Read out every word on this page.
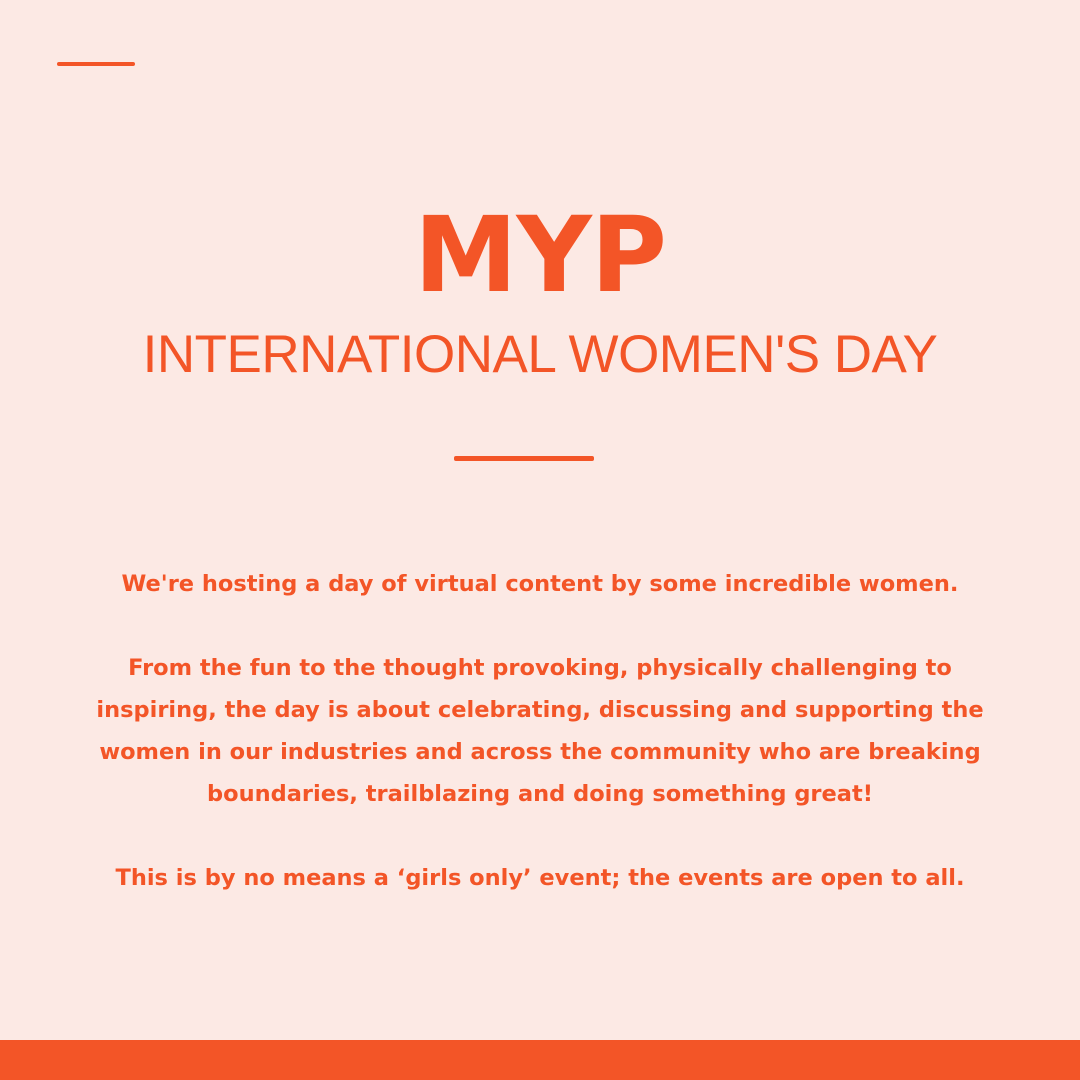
MYP
INTERNATIONAL WOMEN'S DAY

We're hosting a day of virtual content by some incredible women.

From the fun to the thought provoking, physically challenging to

inspiring, the day is about celebrating, discussing and supporting the

women in our industries and across the community who are breaking

boundaries, trailblazing and doing something great!

This is by no means a ‘girls only’ event; the events are open to all.
